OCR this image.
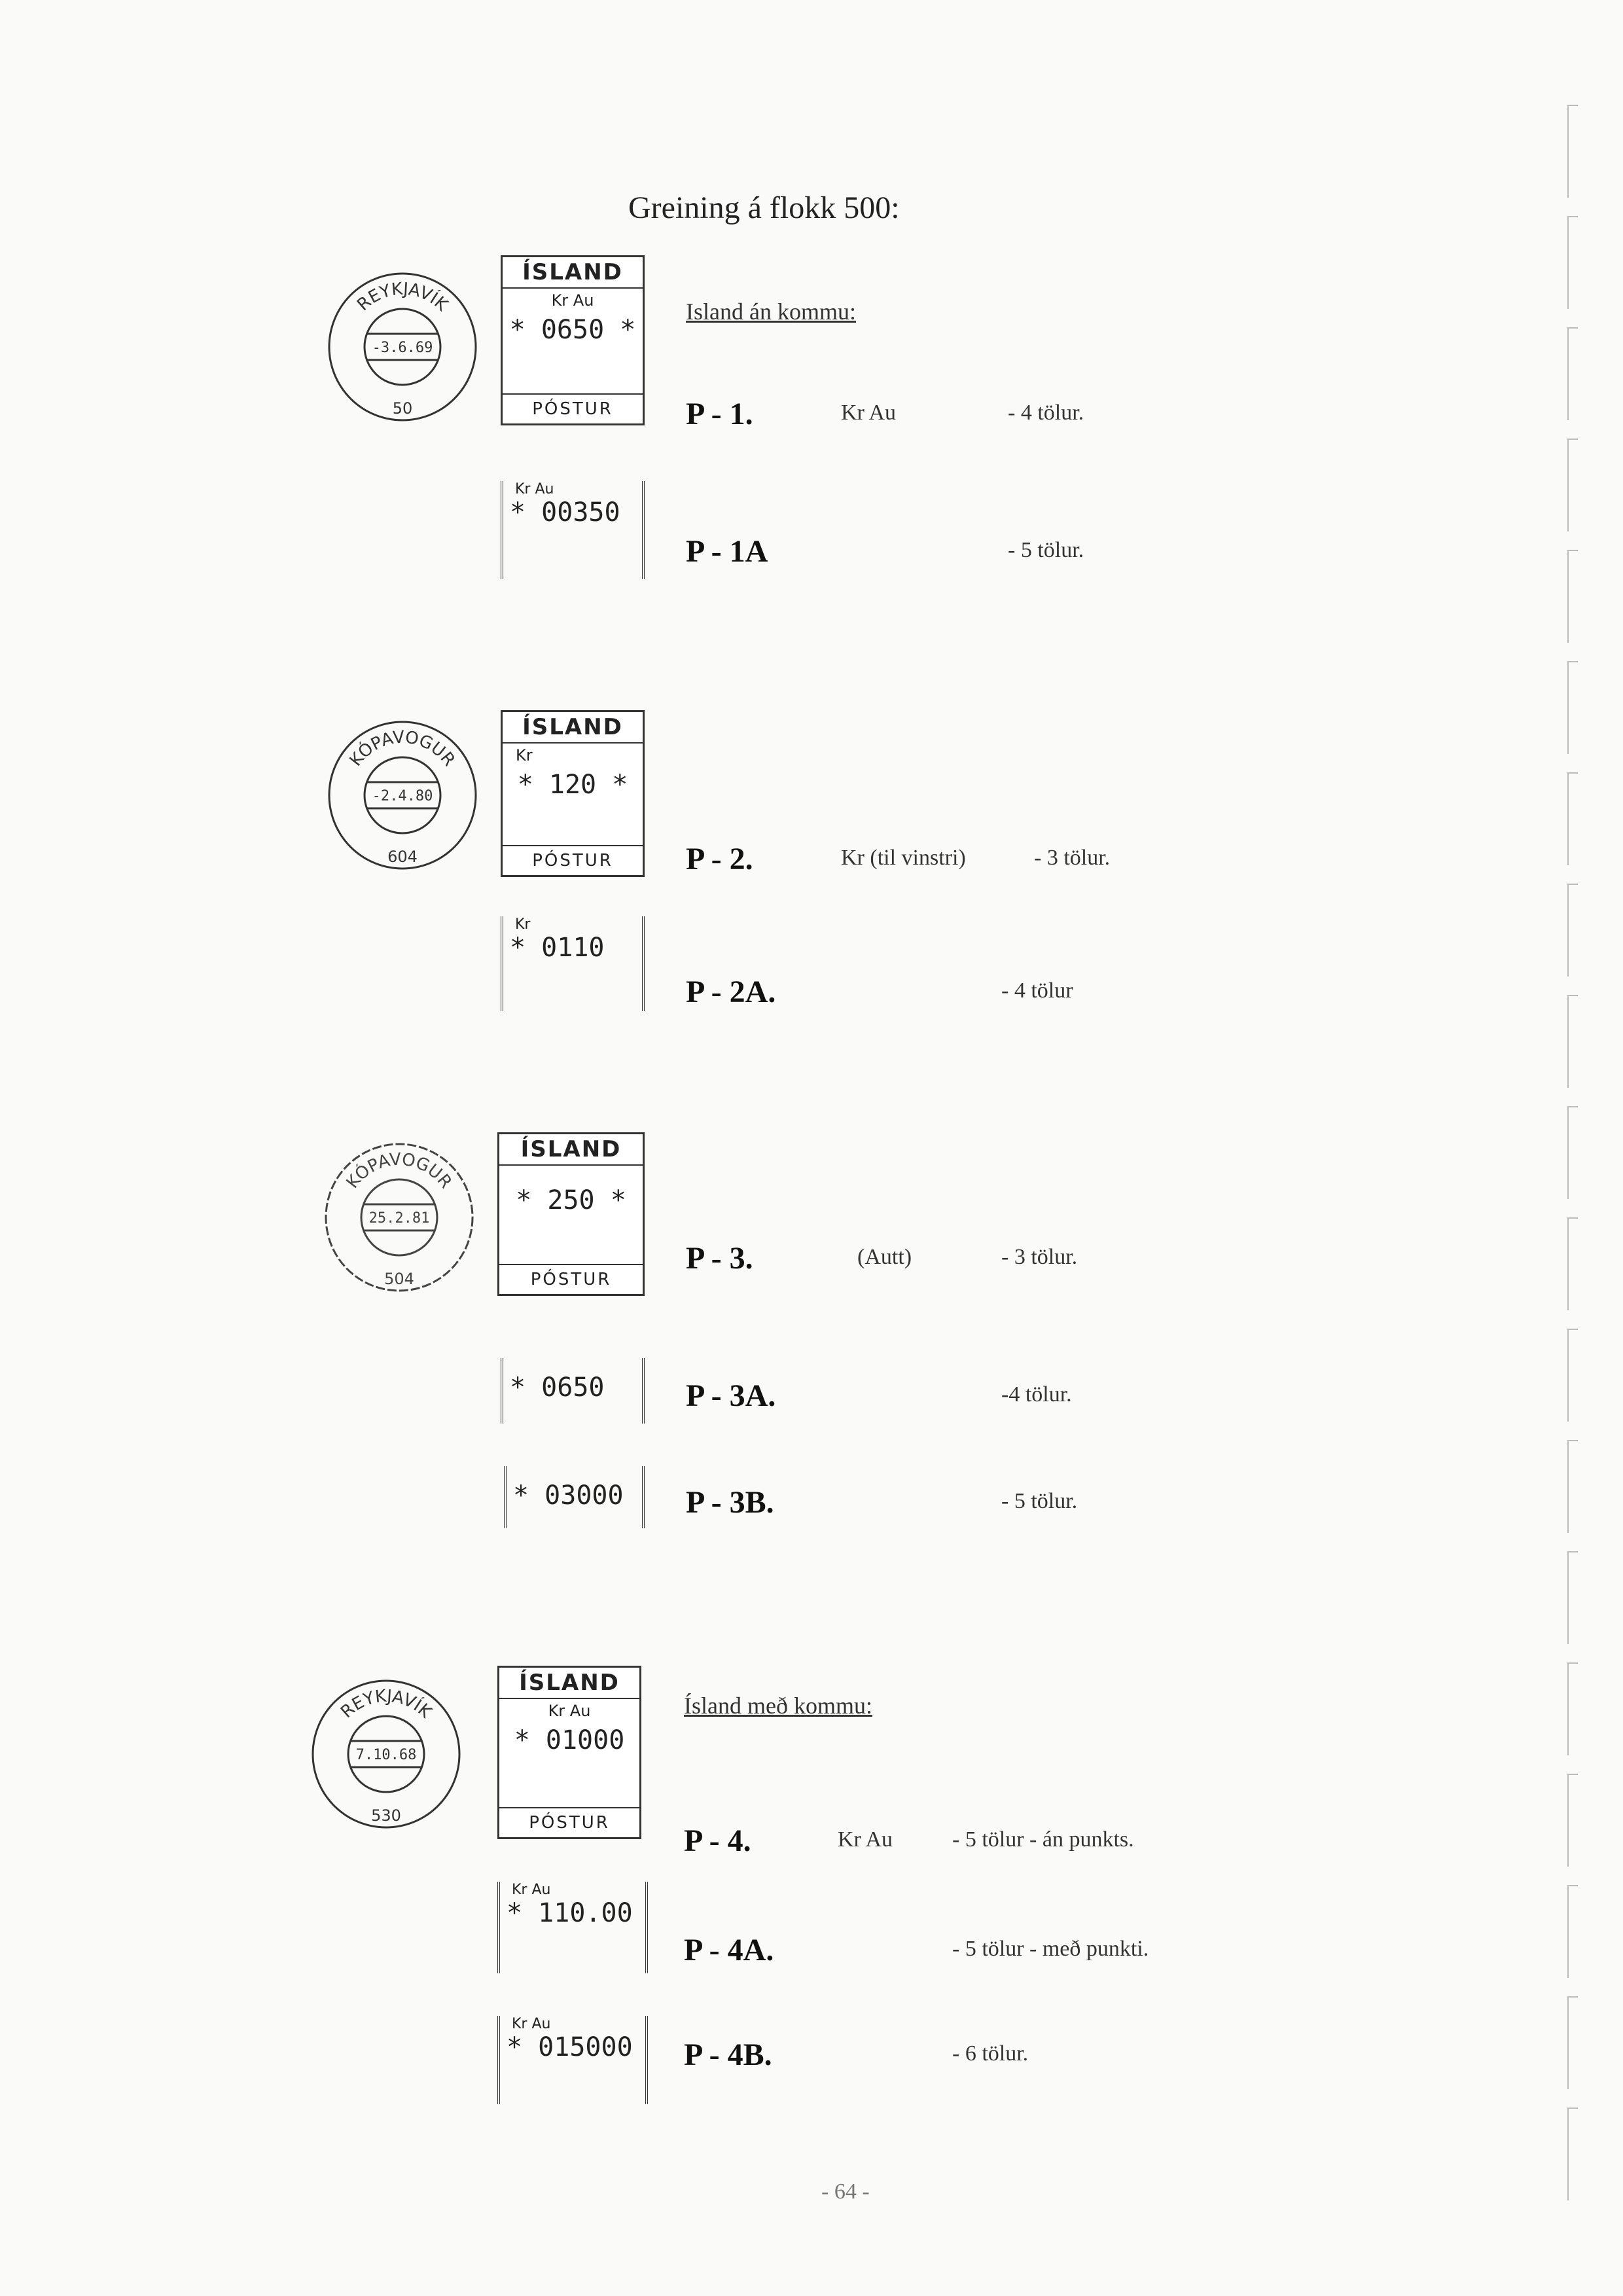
Greining á flokk 500:
REYKJAVÍK
-3.6.69
50
ÍSLAND
Kr Au
* 0650 *
PÓSTUR
Island án kommu:
P - 1.	Kr Au	- 4 tölur.
Kr Au
* 00350
P - 1A	- 5 tölur.
KÓPAVOGUR
-2.4.80
604
ÍSLAND
Kr
* 120 *
PÓSTUR	P - 2.	Kr (til vinstri)	- 3 tölur.
Kr
* 0110
P - 2A.	- 4 tölur
KÓPAVOGUR
25.2.81
504
ÍSLAND
* 250 *
PÓSTUR
P - 3.	(Autt)	- 3 tölur.
* 0650	P - 3A.	-4 tölur.
* 03000	P - 3B.	- 5 tölur.
REYKJAVÍK
7.10.68
530
ÍSLAND
Kr Au
* 01000
PÓSTUR
Ísland með kommu:
P - 4.	Kr Au	- 5 tölur - án punkts.
Kr Au
* 110.00
P - 4A.	- 5 tölur - með punkti.
Kr Au
* 015000	P - 4B.	- 6 tölur.
- 64 -
